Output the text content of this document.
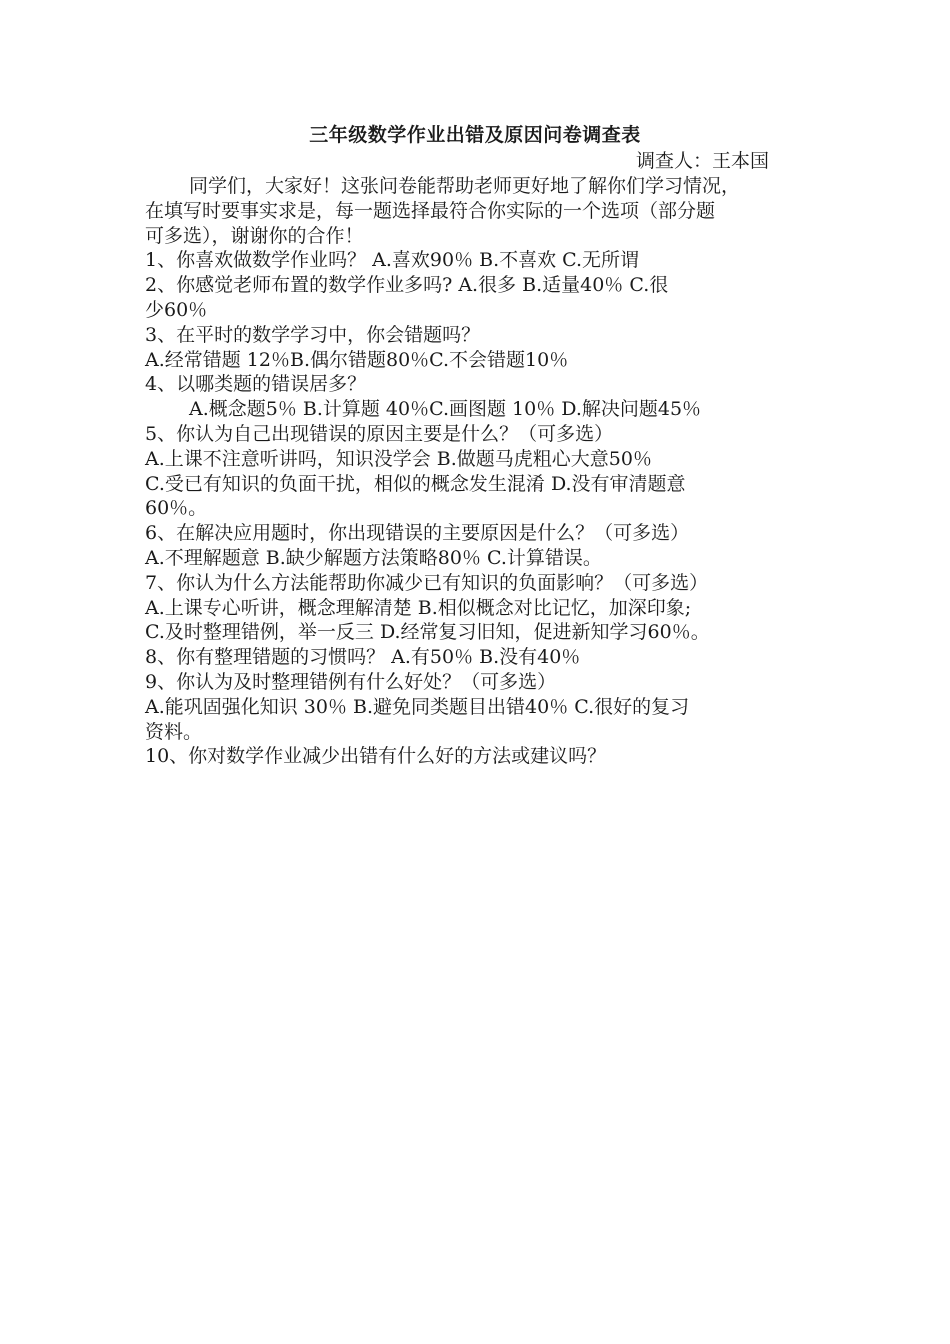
三年级数学作业出错及原因问卷调查表
调查人：王本国
同学们，大家好！这张问卷能帮助老师更好地了解你们学习情况，
在填写时要事实求是，每一题选择最符合你实际的一个选项（部分题
可多选），谢谢你的合作！
1、你喜欢做数学作业吗？ A.喜欢90％ B.不喜欢 C.无所谓
2、你感觉老师布置的数学作业多吗? A.很多 B.适量40％ C.很
少60％
3、在平时的数学学习中，你会错题吗？
A.经常错题 12％B.偶尔错题80％C.不会错题10％
4、以哪类题的错误居多？
A.概念题5％ B.计算题 40％C.画图题 10％ D.解决问题45％
5、你认为自己出现错误的原因主要是什么？（可多选）
A.上课不注意听讲吗，知识没学会 B.做题马虎粗心大意50％
C.受已有知识的负面干扰，相似的概念发生混淆 D.没有审清题意
60％。
6、在解决应用题时，你出现错误的主要原因是什么？（可多选）
A.不理解题意 B.缺少解题方法策略80％ C.计算错误。
7、你认为什么方法能帮助你减少已有知识的负面影响？（可多选）
A.上课专心听讲，概念理解清楚 B.相似概念对比记忆，加深印象;
C.及时整理错例，举一反三 D.经常复习旧知，促进新知学习60％。
8、你有整理错题的习惯吗？ A.有50％ B.没有40％
9、你认为及时整理错例有什么好处？（可多选）
A.能巩固强化知识 30％ B.避免同类题目出错40％ C.很好的复习
资料。
10、你对数学作业减少出错有什么好的方法或建议吗？
